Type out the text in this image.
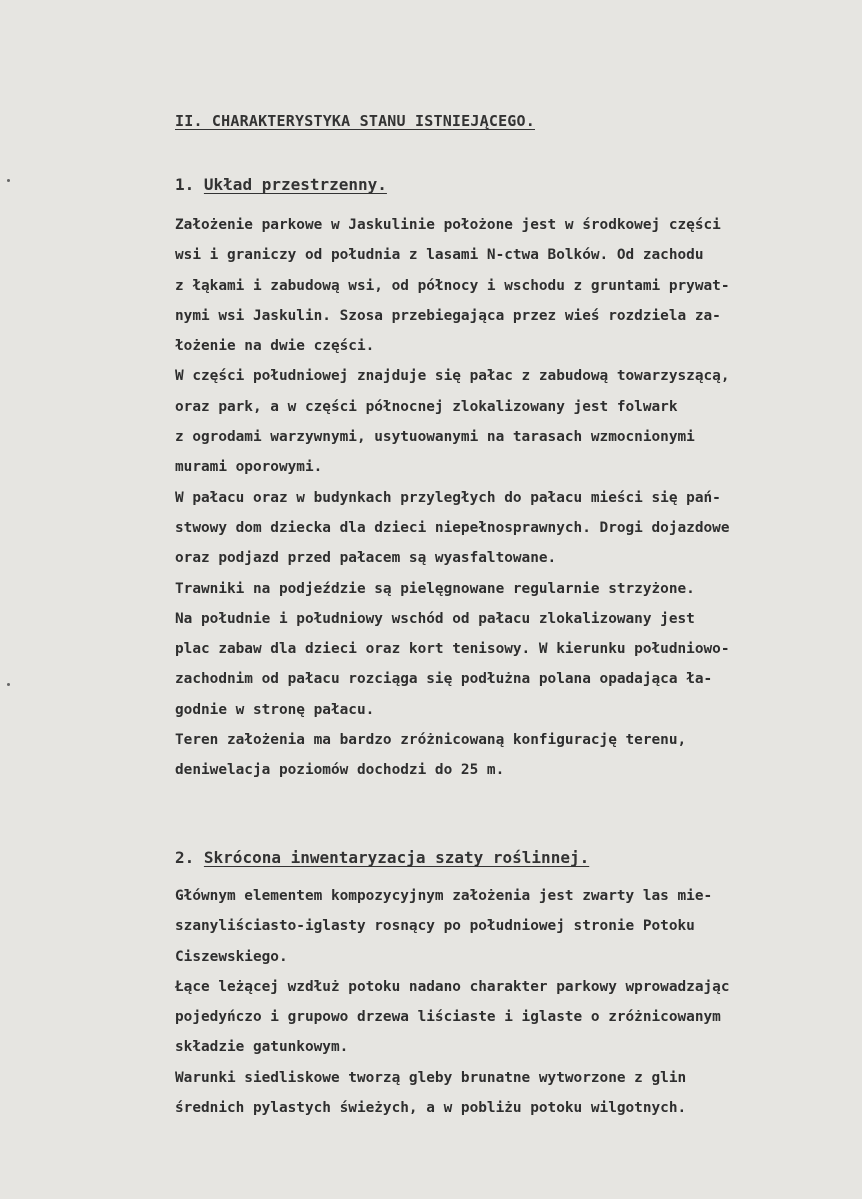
II. CHARAKTERYSTYKA STANU ISTNIEJĄCEGO.
1. Układ przestrzenny.
Założenie parkowe w Jaskulinie położone jest w środkowej części
wsi i graniczy od południa z lasami N-ctwa Bolków. Od zachodu
z łąkami i zabudową wsi, od północy i wschodu z gruntami prywat-
nymi wsi Jaskulin. Szosa przebiegająca przez wieś rozdziela za-
łożenie na dwie części.
W części południowej znajduje się pałac z zabudową towarzyszącą,
oraz park, a w części północnej zlokalizowany jest folwark
z ogrodami warzywnymi, usytuowanymi na tarasach wzmocnionymi
murami oporowymi.
W pałacu oraz w budynkach przyległych do pałacu mieści się pań-
stwowy dom dziecka dla dzieci niepełnosprawnych. Drogi dojazdowe
oraz podjazd przed pałacem są wyasfaltowane.
Trawniki na podjeździe są pielęgnowane regularnie strzyżone.
Na południe i południowy wschód od pałacu zlokalizowany jest
plac zabaw dla dzieci oraz kort tenisowy. W kierunku południowo-
zachodnim od pałacu rozciąga się podłużna polana opadająca ła-
godnie w stronę pałacu.
Teren założenia ma bardzo zróżnicowaną konfigurację terenu,
deniwelacja poziomów dochodzi do 25 m.
2. Skrócona inwentaryzacja szaty roślinnej.
Głównym elementem kompozycyjnym założenia jest zwarty las mie-
szanyliściasto-iglasty rosnący po południowej stronie Potoku
Ciszewskiego.
Łące leżącej wzdłuż potoku nadano charakter parkowy wprowadzając
pojedyńczo i grupowo drzewa liściaste i iglaste o zróżnicowanym
składzie gatunkowym.
Warunki siedliskowe tworzą gleby brunatne wytworzone z glin
średnich pylastych świeżych, a w pobliżu potoku wilgotnych.
